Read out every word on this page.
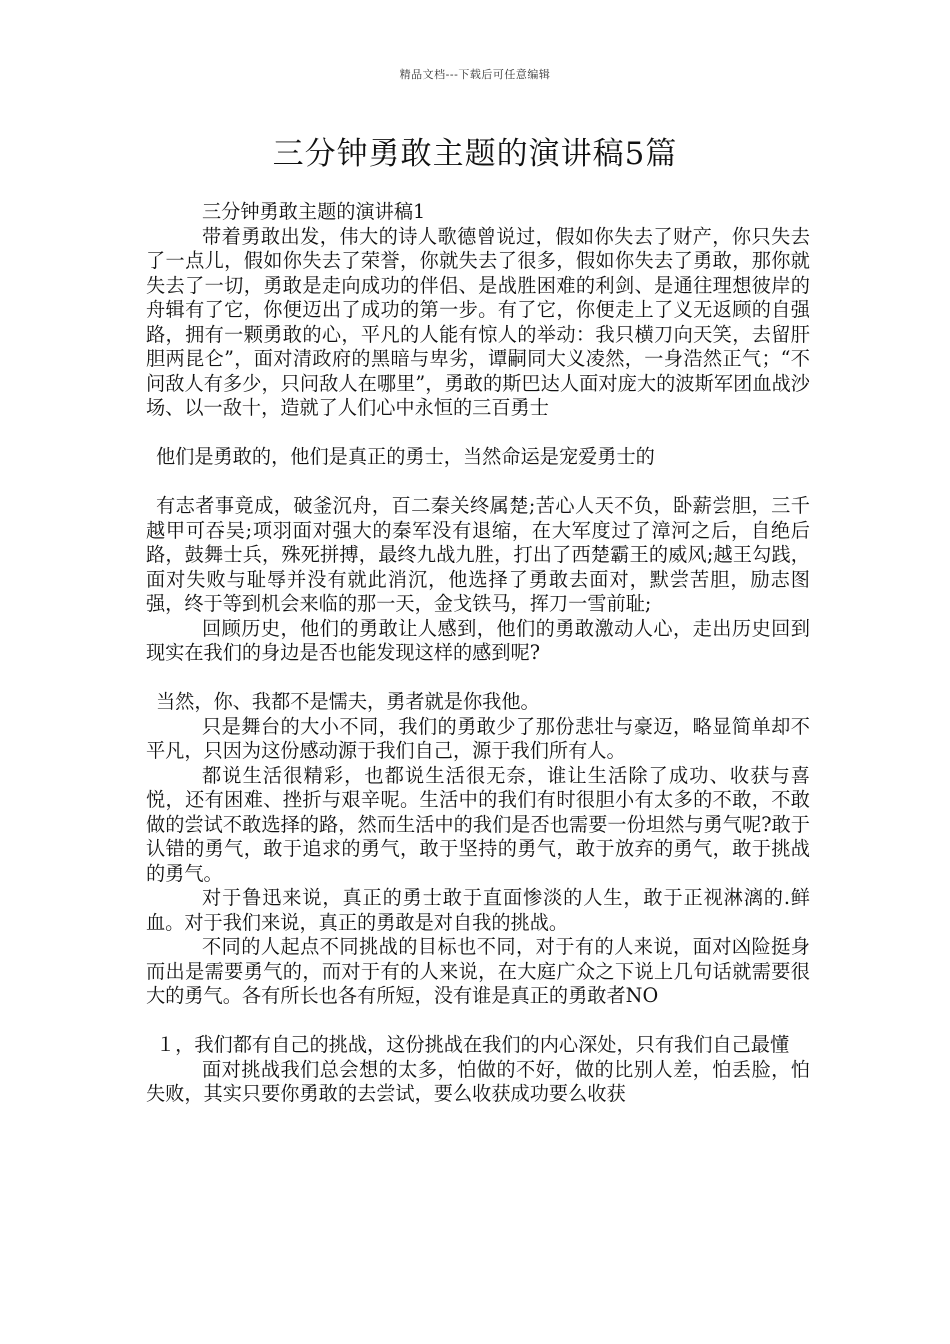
精品文档---下载后可任意编辑
三分钟勇敢主题的演讲稿5篇

三分钟勇敢主题的演讲稿1

带着勇敢出发，伟大的诗人歌德曾说过，假如你失去了财产，你只失去了一点儿，假如你失去了荣誉，你就失去了很多，假如你失去了勇敢，那你就失去了一切，勇敢是走向成功的伴侣、是战胜困难的利剑、是通往理想彼岸的舟辑有了它，你便迈出了成功的第一步。有了它，你便走上了义无返顾的自强路，拥有一颗勇敢的心，平凡的人能有惊人的举动：我只横刀向天笑，去留肝胆两昆仑”，面对清政府的黑暗与卑劣，谭嗣同大义凌然，一身浩然正气；“不问敌人有多少，只问敌人在哪里”，勇敢的斯巴达人面对庞大的波斯军团血战沙场、以一敌十，造就了人们心中永恒的三百勇士

他们是勇敢的，他们是真正的勇士，当然命运是宠爱勇士的

有志者事竟成，破釜沉舟，百二秦关终属楚;苦心人天不负，卧薪尝胆，三千越甲可吞吴;项羽面对强大的秦军没有退缩，在大军度过了漳河之后，自绝后路，鼓舞士兵，殊死拼搏，最终九战九胜，打出了西楚霸王的威风;越王勾践，面对失败与耻辱并没有就此消沉，他选择了勇敢去面对，默尝苦胆，励志图强，终于等到机会来临的那一天，金戈铁马，挥刀一雪前耻;

回顾历史，他们的勇敢让人感到，他们的勇敢激动人心，走出历史回到现实在我们的身边是否也能发现这样的感到呢?

当然，你、我都不是懦夫，勇者就是你我他。

只是舞台的大小不同，我们的勇敢少了那份悲壮与豪迈，略显简单却不平凡，只因为这份感动源于我们自己，源于我们所有人。

都说生活很精彩，也都说生活很无奈，谁让生活除了成功、收获与喜悦，还有困难、挫折与艰辛呢。生活中的我们有时很胆小有太多的不敢，不敢做的尝试不敢选择的路，然而生活中的我们是否也需要一份坦然与勇气呢?敢于认错的勇气，敢于追求的勇气，敢于坚持的勇气，敢于放弃的勇气，敢于挑战的勇气。

对于鲁迅来说，真正的勇士敢于直面惨淡的人生，敢于正视淋漓的.鲜血。对于我们来说，真正的勇敢是对自我的挑战。

不同的人起点不同挑战的目标也不同，对于有的人来说，面对凶险挺身而出是需要勇气的，而对于有的人来说，在大庭广众之下说上几句话就需要很大的勇气。各有所长也各有所短，没有谁是真正的勇敢者NO

１，我们都有自己的挑战，这份挑战在我们的内心深处，只有我们自己最懂

面对挑战我们总会想的太多，怕做的不好，做的比别人差，怕丢脸，怕失败，其实只要你勇敢的去尝试，要么收获成功要么收获
